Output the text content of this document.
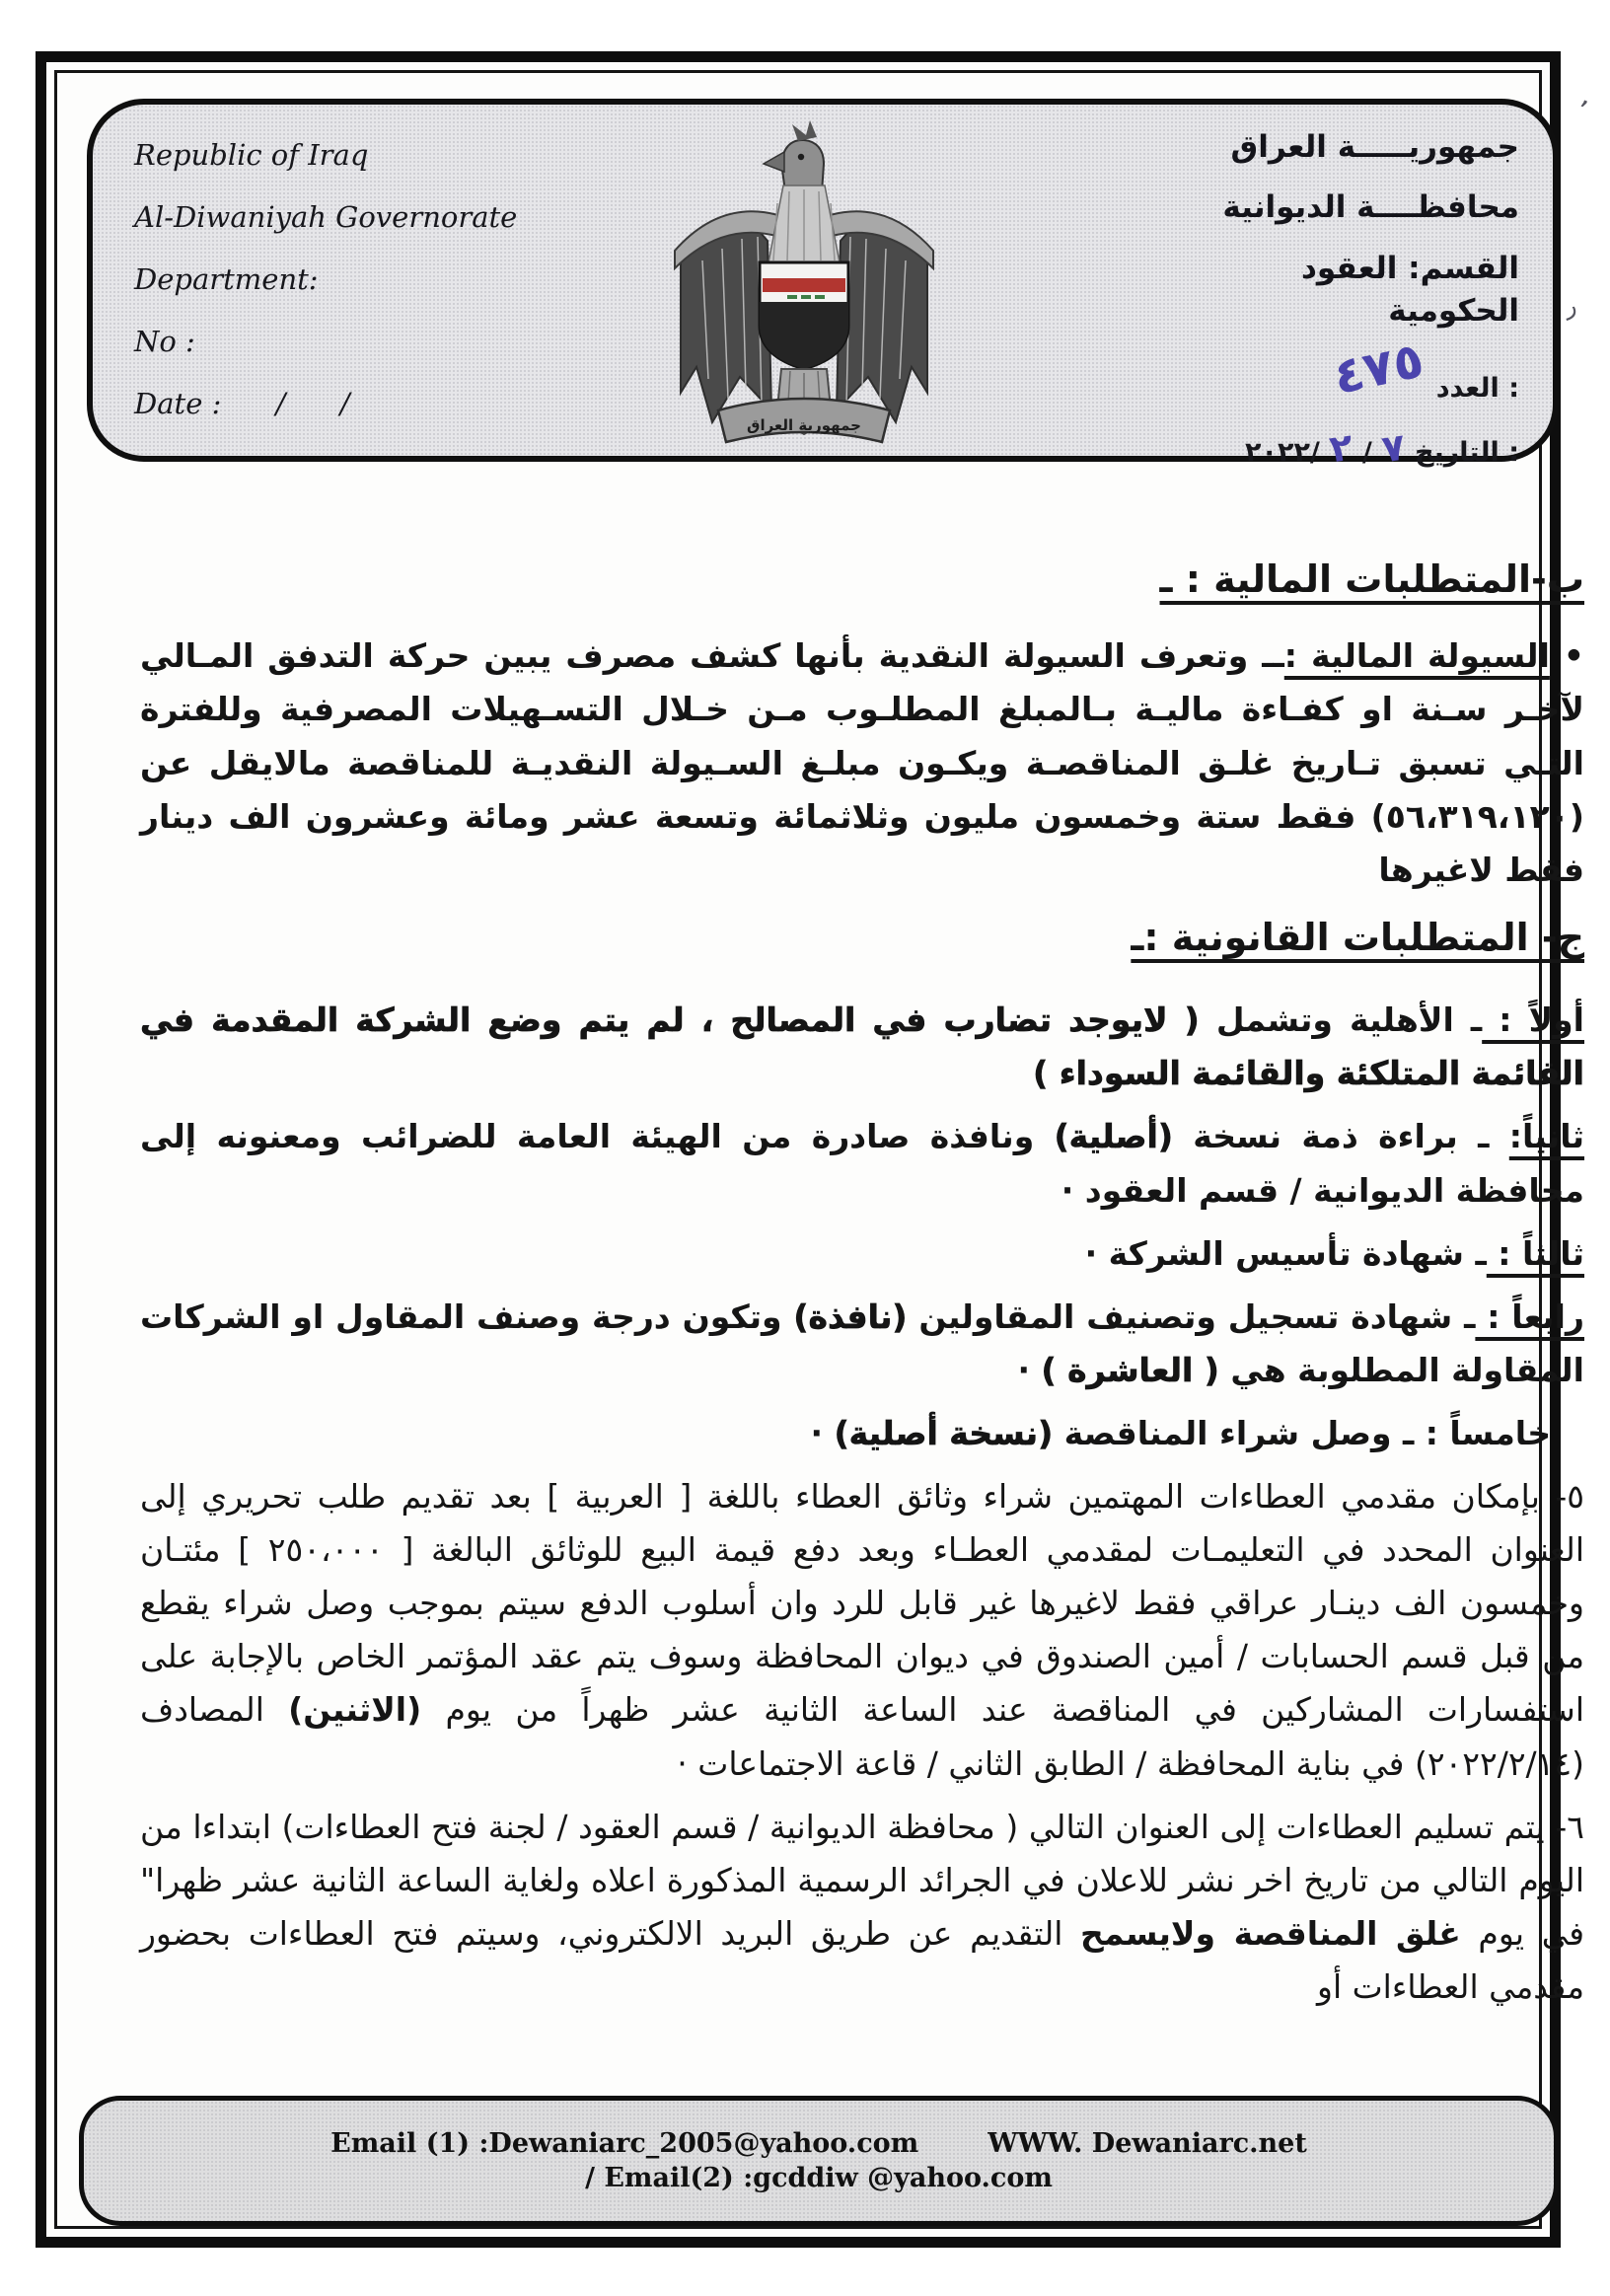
Republic of Iraq
Al-Diwaniyah Governorate
Department:
No :
Date :      /      /
جمهورية العراق
جمهوريـــــة العراق
محافظــــة الديوانية
القسم: العقود الحكومية
٤٧٥ العدد :
٢٠٢٢/ ٢ / ٧ التاريخ :

ب-المتطلبات المالية : ـ

• السيولة المالية :ــ وتعرف السيولة النقدية بأنها كشف مصرف يبين حركة التدفق المـالي لآخـر سـنة او كفـاءة ماليـة بـالمبلغ المطلـوب مـن خـلال التسـهيلات المصرفية وللفترة التـي تسبق تـاريخ غلـق المناقصـة ويكـون مبلـغ السـيولة النقديـة للمناقصة مالايقل عن (٥٦،٣١٩،١٢٠) فقط ستة وخمسون مليون وثلاثمائة وتسعة عشر ومائة وعشرون الف دينار فقط لاغيرها

ج- المتطلبات القانونية :ـ

أولاً : ـ الأهلية وتشمل ( لايوجد تضارب في المصالح ، لم يتم وضع الشركة المقدمة في القائمة المتلكئة والقائمة السوداء )

ثانياً: ـ براءة ذمة نسخة (أصلية) ونافذة صادرة من الهيئة العامة للضرائب ومعنونه إلى محافظة الديوانية / قسم العقود ·

ثالثاً : ـ شهادة تأسيس الشركة ·

رابعاً : ـ شهادة تسجيل وتصنيف المقاولين (نافذة) وتكون درجة وصنف المقاول او الشركات المقاولة المطلوبة هي ( العاشرة ) ·

خامساً : ـ وصل شراء المناقصة (نسخة أصلية) ·

٥- بإمكان مقدمي العطاءات المهتمين شراء وثائق العطاء باللغة [ العربية ] بعد تقديم طلب تحريري إلى العنوان المحدد في التعليمـات لمقدمي العطـاء وبعد دفع قيمة البيع للوثائق البالغة [ ٢٥٠،٠٠٠ ] مئتـان وخمسون الف دينـار عراقي فقط لاغيرها غير قابل للرد وان أسلوب الدفع سيتم بموجب وصل شراء يقطع من قبل قسم الحسابات / أمين الصندوق في ديوان المحافظة وسوف يتم عقد المؤتمر الخاص بالإجابة على استفسارات المشاركين في المناقصة عند الساعة الثانية عشر ظهراً من يوم (الاثنين) المصادف (٢٠٢٢/٢/١٤) في بناية المحافظة / الطابق الثاني / قاعة الاجتماعات ·

٦- يتم تسليم العطاءات إلى العنوان التالي ( محافظة الديوانية / قسم العقود / لجنة فتح العطاءات) ابتداءا من اليوم التالي من تاريخ اخر نشر للاعلان في الجرائد الرسمية المذكورة اعلاه ولغاية الساعة الثانية عشر ظهرا" في يوم غلق المناقصة ولايسمح التقديم عن طريق البريد الالكتروني، وسيتم فتح العطاءات بحضور مقدمي العطاءات أو

Email (1) :Dewaniarc_2005@yahoo.com	WWW. Dewaniarc.net
/ Email(2) :gcddiw @yahoo.com
’
ر
